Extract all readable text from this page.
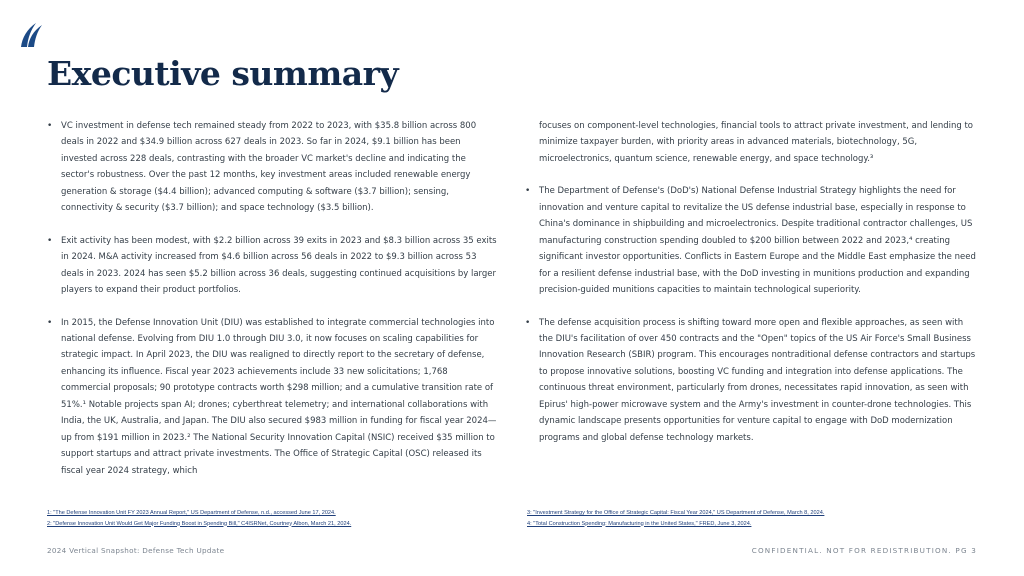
Executive summary

• VC investment in defense tech remained steady from 2022 to 2023, with $35.8 billion across 800 deals in 2022 and $34.9 billion across 627 deals in 2023. So far in 2024, $9.1 billion has been invested across 228 deals, contrasting with the broader VC market's decline and indicating the sector's robustness. Over the past 12 months, key investment areas included renewable energy generation & storage ($4.4 billion); advanced computing & software ($3.7 billion); sensing, connectivity & security ($3.7 billion); and space technology ($3.5 billion).

• Exit activity has been modest, with $2.2 billion across 39 exits in 2023 and $8.3 billion across 35 exits in 2024. M&A activity increased from $4.6 billion across 56 deals in 2022 to $9.3 billion across 53 deals in 2023. 2024 has seen $5.2 billion across 36 deals, suggesting continued acquisitions by larger players to expand their product portfolios.

• In 2015, the Defense Innovation Unit (DIU) was established to integrate commercial technologies into national defense. Evolving from DIU 1.0 through DIU 3.0, it now focuses on scaling capabilities for strategic impact. In April 2023, the DIU was realigned to directly report to the secretary of defense, enhancing its influence. Fiscal year 2023 achievements include 33 new solicitations; 1,768 commercial proposals; 90 prototype contracts worth $298 million; and a cumulative transition rate of 51%.¹ Notable projects span AI; drones; cyberthreat telemetry; and international collaborations with India, the UK, Australia, and Japan. The DIU also secured $983 million in funding for fiscal year 2024—up from $191 million in 2023.² The National Security Innovation Capital (NSIC) received $35 million to support startups and attract private investments. The Office of Strategic Capital (OSC) released its fiscal year 2024 strategy, which

focuses on component-level technologies, financial tools to attract private investment, and lending to minimize taxpayer burden, with priority areas in advanced materials, biotechnology, 5G, microelectronics, quantum science, renewable energy, and space technology.³

• The Department of Defense's (DoD's) National Defense Industrial Strategy highlights the need for innovation and venture capital to revitalize the US defense industrial base, especially in response to China's dominance in shipbuilding and microelectronics. Despite traditional contractor challenges, US manufacturing construction spending doubled to $200 billion between 2022 and 2023,⁴ creating significant investor opportunities. Conflicts in Eastern Europe and the Middle East emphasize the need for a resilient defense industrial base, with the DoD investing in munitions production and expanding precision-guided munitions capacities to maintain technological superiority.

• The defense acquisition process is shifting toward more open and flexible approaches, as seen with the DIU's facilitation of over 450 contracts and the "Open" topics of the US Air Force's Small Business Innovation Research (SBIR) program. This encourages nontraditional defense contractors and startups to propose innovative solutions, boosting VC funding and integration into defense applications. The continuous threat environment, particularly from drones, necessitates rapid innovation, as seen with Epirus' high-power microwave system and the Army's investment in counter-drone technologies. This dynamic landscape presents opportunities for venture capital to engage with DoD modernization programs and global defense technology markets.

1: "The Defense Innovation Unit FY 2023 Annual Report," US Department of Defense, n.d., accessed June 17, 2024.
2: "Defense Innovation Unit Would Get Major Funding Boost in Spending Bill," C4ISRNet, Courtney Albon, March 21, 2024.
3: "Investment Strategy for the Office of Strategic Capital: Fiscal Year 2024," US Department of Defense, March 8, 2024.
4: "Total Construction Spending: Manufacturing in the United States," FRED, June 3, 2024.
2024 Vertical Snapshot: Defense Tech Update	CONFIDENTIAL. NOT FOR REDISTRIBUTION. PG 3
